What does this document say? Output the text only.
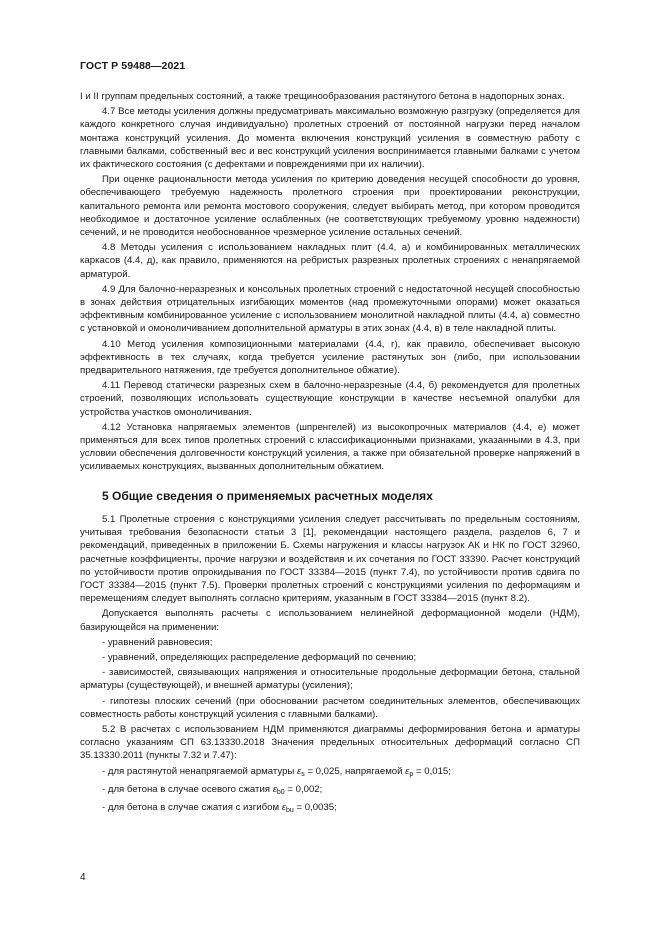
ГОСТ Р 59488—2021

I и II группам предельных состояний, а также трещинообразования растянутого бетона в надопорных зонах.

4.7 Все методы усиления должны предусматривать максимально возможную разгрузку (определяется для каждого конкретного случая индивидуально) пролетных строений от постоянной нагрузки перед началом монтажа конструкций усиления. До момента включения конструкций усиления в совместную работу с главными балками, собственный вес и вес конструкций усиления воспринимается главными балками с учетом их фактического состояния (с дефектами и повреждениями при их наличии).

При оценке рациональности метода усиления по критерию доведения несущей способности до уровня, обеспечивающего требуемую надежность пролетного строения при проектировании реконструкции, капитального ремонта или ремонта мостового сооружения, следует выбирать метод, при котором проводится необходимое и достаточное усиление ослабленных (не соответствующих требуемому уровню надежности) сечений, и не проводится необоснованное чрезмерное усиление остальных сечений.

4.8 Методы усиления с использованием накладных плит (4.4, а) и комбинированных металлических каркасов (4.4, д), как правило, применяются на ребристых разрезных пролетных строениях с ненапрягаемой арматурой.

4.9 Для балочно-неразрезных и консольных пролетных строений с недостаточной несущей способностью в зонах действия отрицательных изгибающих моментов (над промежуточными опорами) может оказаться эффективным комбинированное усиление с использованием монолитной накладной плиты (4.4, а) совместно с установкой и омоноличиванием дополнительной арматуры в этих зонах (4.4, в) в теле накладной плиты.

4.10 Метод усиления композиционными материалами (4.4, г), как правило, обеспечивает высокую эффективность в тех случаях, когда требуется усиление растянутых зон (либо, при использовании предварительного натяжения, где требуется дополнительное обжатие).

4.11 Перевод статически разрезных схем в балочно-неразрезные (4.4, б) рекомендуется для пролетных строений, позволяющих использовать существующие конструкции в качестве несъемной опалубки для устройства участков омоноличивания.

4.12 Установка напрягаемых элементов (шпренгелей) из высокопрочных материалов (4.4, е) может применяться для всех типов пролетных строений с классификационными признаками, указанными в 4.3, при условии обеспечения долговечности конструкций усиления, а также при обязательной проверке напряжений в усиливаемых конструкциях, вызванных дополнительным обжатием.

5 Общие сведения о применяемых расчетных моделях

5.1 Пролетные строения с конструкциями усиления следует рассчитывать по предельным состояниям, учитывая требования безопасности статьи 3 [1], рекомендации настоящего раздела, разделов 6, 7 и рекомендаций, приведенных в приложении Б. Схемы нагружения и классы нагрузок АК и НК по ГОСТ 32960, расчетные коэффициенты, прочие нагрузки и воздействия и их сочетания по ГОСТ 33390. Расчет конструкций по устойчивости против опрокидывания по ГОСТ 33384—2015 (пункт 7.4), по устойчивости против сдвига по ГОСТ 33384—2015 (пункт 7.5). Проверки пролетных строений с конструкциями усиления по деформациям и перемещениям следует выполнять согласно критериям, указанным в ГОСТ 33384—2015 (пункт 8.2).

Допускается выполнять расчеты с использованием нелинейной деформационной модели (НДМ), базирующейся на применении:

- уравнений равновесия;

- уравнений, определяющих распределение деформаций по сечению;

- зависимостей, связывающих напряжения и относительные продольные деформации бетона, стальной арматуры (существующей), и внешней арматуры (усиления);

- гипотезы плоских сечений (при обосновании расчетом соединительных элементов, обеспечивающих совместность работы конструкций усиления с главными балками).

5.2 В расчетах с использованием НДМ применяются диаграммы деформирования бетона и арматуры согласно указаниям СП 63.13330.2018 Значения предельных относительных деформаций согласно СП 35.13330.2011 (пункты 7.32 и 7.47):

- для растянутой ненапрягаемой арматуры $\varepsilon_s = 0,025$, напрягаемой $\varepsilon_p = 0,015$;

- для бетона в случае осевого сжатия $\varepsilon_{b0} = 0,002$;

- для бетона в случае сжатия с изгибом $\varepsilon_{bu} = 0,0035$;

4
